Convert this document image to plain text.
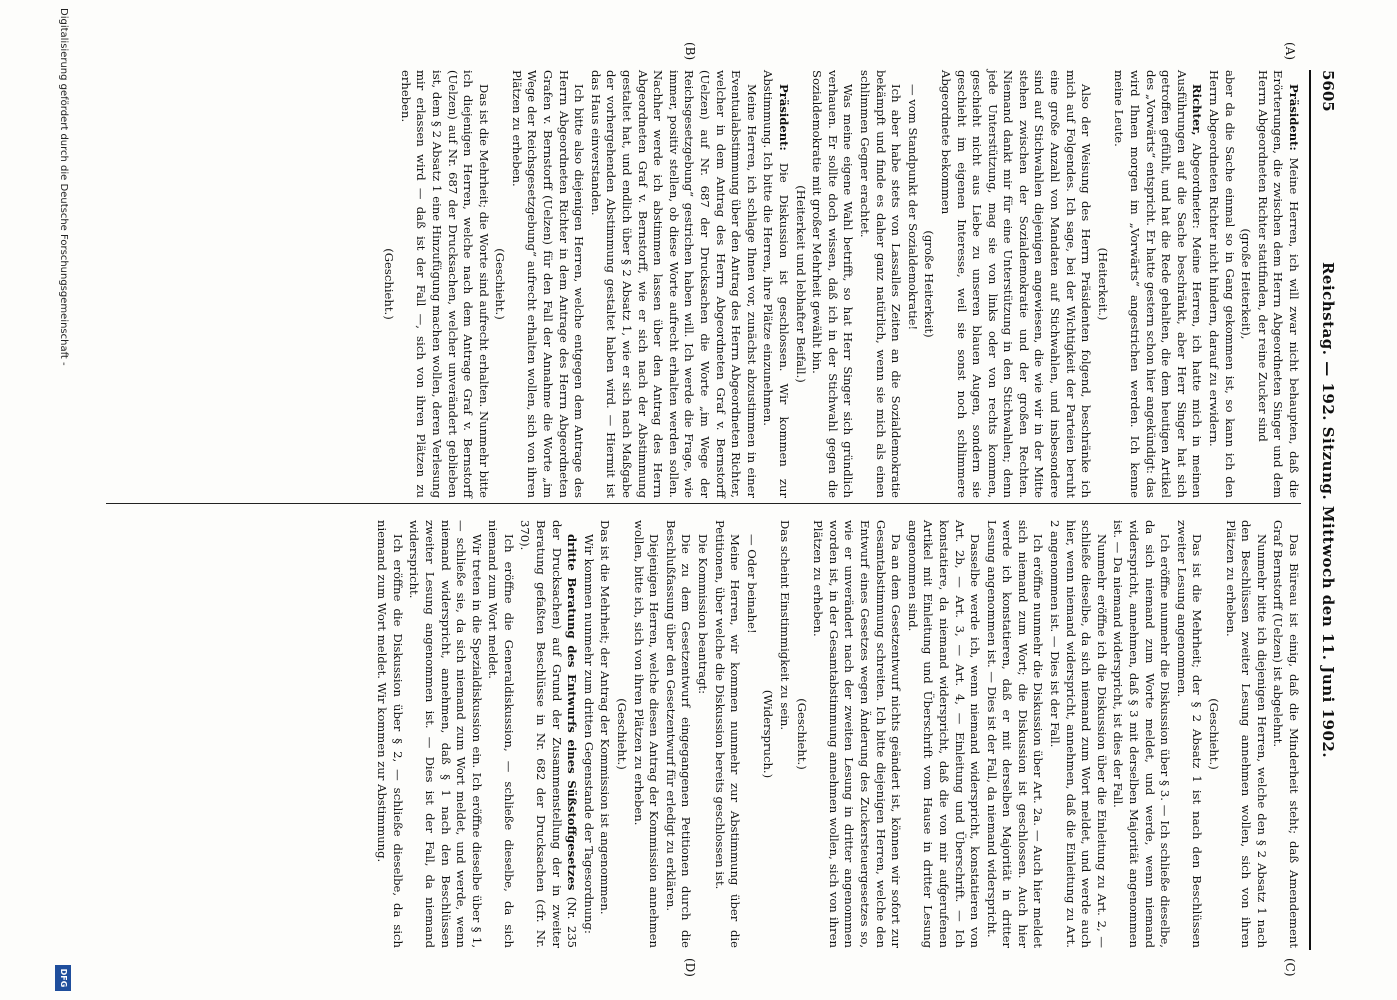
5605
Reichstag. — 192. Sitzung. Mittwoch den 11. Juni 1902.

Präsident: Meine Herren, ich will zwar nicht behaupten, daß die Erörterungen, die zwischen dem Herrn Abgeordneten Singer und dem Herrn Abgeordneten Richter stattfinden, der reine Zucker sind

(große Heiterkeit),

aber da die Sache einmal so in Gang gekommen ist, so kann ich den Herrn Abgeordneten Richter nicht hindern, darauf zu erwidern.

Richter, Abgeordneter: Meine Herren, ich hatte mich in meinen Ausführungen auf die Sache beschränkt, aber Herr Singer hat sich getroffen gefühlt, und hat die Rede gehalten, die dem heutigen Artikel des „Vorwärts“ entspricht. Er hatte gestern schon hier angekündigt: das wird Ihnen morgen im „Vorwärts“ angestrichen werden. Ich kenne meine Leute.

(Heiterkeit.)

Also der Weisung des Herrn Präsidenten folgend, beschränke ich mich auf Folgendes. Ich sage, bei der Wichtigkeit der Parteien beruht eine große Anzahl von Mandaten auf Stichwahlen, und insbesondere sind auf Stichwahlen diejenigen angewiesen, die wie wir in der Mitte stehen zwischen der Sozialdemokratie und der großen Rechten. Niemand dankt mir für eine Unterstützung in den Stichwahlen; denn jede Unterstützung, mag sie von links oder von rechts kommen, geschieht nicht aus Liebe zu unseren blauen Augen, sondern sie geschieht im eigenen Interesse, weil sie sonst noch schlimmere Abgeordnete bekommen

(große Heiterkeit)

— vom Standpunkt der Sozialdemokratie!

Ich aber habe stets von Lassalles Zeiten an die Sozialdemokratie bekämpft und finde es daher ganz natürlich, wenn sie mich als einen schlimmen Gegner erachtet.

Was meine eigene Wahl betrifft, so hat Herr Singer sich gründlich verhauen. Er sollte doch wissen, daß ich in der Stichwahl gegen die Sozialdemokratie mit großer Mehrheit gewählt bin.

(Heiterkeit und lebhafter Beifall.)

Präsident: Die Diskussion ist geschlossen. Wir kommen zur Abstimmung. Ich bitte die Herren, ihre Plätze einzunehmen.

Meine Herren, ich schlage Ihnen vor, zunächst abzustimmen in einer Eventualabstimmung über den Antrag des Herrn Abgeordneten Richter, welcher in dem Antrag des Herrn Abgeordneten Graf v. Bernstorff (Uelzen) auf Nr. 687 der Drucksachen die Worte „im Wege der Reichsgesetzgebung“ gestrichen haben will. Ich werde die Frage, wie immer, positiv stellen, ob diese Worte aufrecht erhalten werden sollen. Nachher werde ich abstimmen lassen über den Antrag des Herrn Abgeordneten Graf v. Bernstorff, wie er sich nach der Abstimmung gestaltet hat, und endlich über § 2 Absatz 1, wie er sich nach Maßgabe der vorhergehenden Abstimmung gestaltet haben wird. — Hiermit ist das Haus einverstanden.

Ich bitte also diejenigen Herren, welche entgegen dem Antrage des Herrn Abgeordneten Richter in dem Antrage des Herrn Abgeordneten Grafen v. Bernstorff (Uelzen) für den Fall der Annahme die Worte „im Wege der Reichsgesetzgebung“ aufrecht erhalten wollen, sich von ihren Plätzen zu erheben.

(Geschieht.)

Das ist die Mehrheit; die Worte sind aufrecht erhalten. Nunmehr bitte ich diejenigen Herren, welche nach dem Antrage Graf v. Bernstorff (Uelzen) auf Nr. 687 der Drucksachen, welcher unverändert geblieben ist, dem § 2 Absatz 1 eine Hinzufügung machen wollen, deren Verlesung mir erlassen wird — daß ist der Fall —, sich von ihren Plätzen zu erheben.

(Geschieht.)

Das Büreau ist einig, daß die Minderheit steht; daß Amendement Graf Bernstorff (Uelzen) ist abgelehnt.

Nunmehr bitte ich diejenigen Herren, welche den § 2 Absatz 1 nach den Beschlüssen zweiter Lesung annehmen wollen, sich von ihren Plätzen zu erheben.

(Geschieht.)

Das ist die Mehrheit; der § 2 Absatz 1 ist nach den Beschlüssen zweiter Lesung angenommen.

Ich eröffne nunmehr die Diskussion über § 3. — Ich schließe dieselbe, da sich niemand zum Worte meldet, und werde, wenn niemand widerspricht, annehmen, daß § 3 mit derselben Majorität angenommen ist. — Da niemand widerspricht, ist dies der Fall.

Nunmehr eröffne ich die Diskussion über die Einleitung zu Art. 2, — schließe dieselbe, da sich niemand zum Wort meldet, und werde auch hier, wenn niemand widerspricht, annehmen, daß die Einleitung zu Art. 2 angenommen ist. — Dies ist der Fall.

Ich eröffne nunmehr die Diskussion über Art. 2a. — Auch hier meldet sich niemand zum Wort; die Diskussion ist geschlossen. Auch hier werde ich konstatieren, daß er mit derselben Majorität in dritter Lesung angenommen ist. — Dies ist der Fall, da niemand widerspricht.

Dasselbe werde ich, wenn niemand widerspricht, konstatieren von Art. 2b, — Art. 3, — Art. 4, — Einleitung und Überschrift. — Ich konstatiere, da niemand widerspricht, daß die von mir aufgerufenen Artikel mit Einleitung und Überschrift vom Hause in dritter Lesung angenommen sind.

Da an dem Gesetzentwurf nichts geändert ist, können wir sofort zur Gesamtabstimmung schreiten. Ich bitte diejenigen Herren, welche den Entwurf eines Gesetzes wegen Änderung des Zuckersteuergesetzes so, wie er unverändert nach der zweiten Lesung in dritter angenommen worden ist, in der Gesamtabstimmung annehmen wollen, sich von ihren Plätzen zu erheben.

(Geschieht.)

Das scheint Einstimmigkeit zu sein.

(Widerspruch.)

— Oder beinahe!

Meine Herren, wir kommen nunmehr zur Abstimmung über die Petitionen, über welche die Diskussion bereits geschlossen ist.

Die Kommission beantragt:

Die zu dem Gesetzentwurf eingegangenen Petitionen durch die Beschlußfassung über den Gesetzentwurf für erledigt zu erklären.

Diejenigen Herren, welche diesen Antrag der Kommission annehmen wollen, bitte ich, sich von ihren Plätzen zu erheben.

(Geschieht.)

Das ist die Mehrheit; der Antrag der Kommission ist angenommen.

Wir kommen nunmehr zum dritten Gegenstande der Tagesordnung:

dritte Beratung des Entwurfs eines Süßstoffgesetzes (Nr. 235 der Drucksachen) auf Grund der Zusammenstellung der in zweiter Beratung gefaßten Beschlüsse in Nr. 682 der Drucksachen (cfr. Nr. 370).

Ich eröffne die Generaldiskussion, — schließe dieselbe, da sich niemand zum Wort meldet.

Wir treten in die Spezialdiskussion ein. Ich eröffne dieselbe über § 1, — schließe sie, da sich niemand zum Wort meldet, und werde, wenn niemand widerspricht, annehmen, daß § 1 nach den Beschlüssen zweiter Lesung angenommen ist. — Dies ist der Fall, da niemand widerspricht.

Ich eröffne die Diskussion über § 2, — schließe dieselbe, da sich niemand zum Wort meldet. Wir kommen zur Abstimmung.

(A)
(B)
(C)
(D)
Digitalisierung gefördert durch die Deutsche Forschungsgemeinschaft -
DFG
